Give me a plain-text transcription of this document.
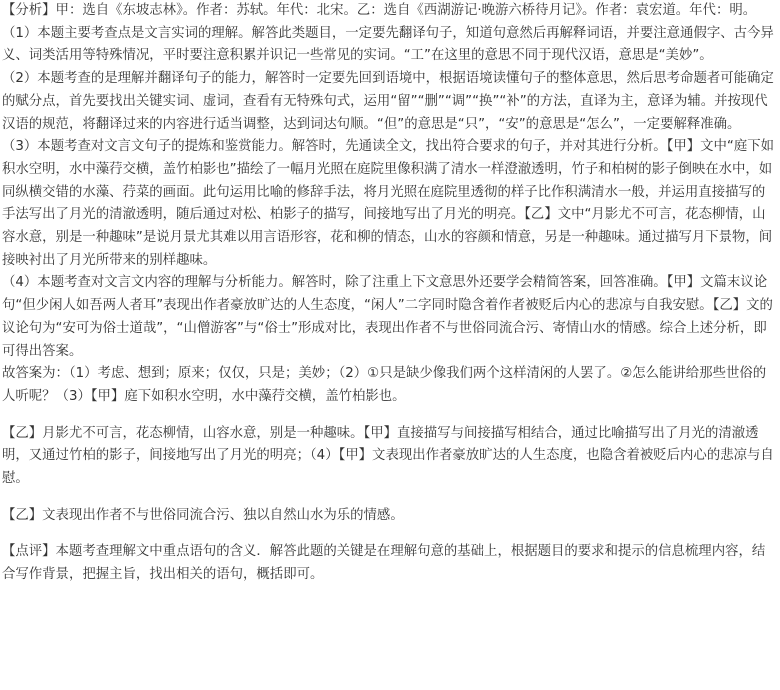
【分析】甲：选自《东坡志林》。作者：苏轼。年代：北宋。乙：选自《西湖游记·晚游六桥待月记》。作者：袁宏道。年代：明。

（1）本题主要考查点是文言实词的理解。解答此类题目，一定要先翻译句子，知道句意然后再解释词语，并要注意通假字、古今异义、词类活用等特殊情况，平时要注意积累并识记一些常见的实词。“工”在这里的意思不同于现代汉语，意思是“美妙”。

（2）本题考查的是理解并翻译句子的能力，解答时一定要先回到语境中，根据语境读懂句子的整体意思，然后思考命题者可能确定的赋分点，首先要找出关键实词、虚词，查看有无特殊句式，运用“留”“删”“调”“换”“补”的方法，直译为主，意译为辅。并按现代汉语的规范，将翻译过来的内容进行适当调整，达到词达句顺。“但”的意思是“只”，“安”的意思是“怎么”，一定要解释准确。

（3）本题考查对文言文句子的提炼和鉴赏能力。解答时，先通读全文，找出符合要求的句子，并对其进行分析。【甲】文中“庭下如积水空明，水中藻荇交横，盖竹柏影也”描绘了一幅月光照在庭院里像积满了清水一样澄澈透明，竹子和柏树的影子倒映在水中，如同纵横交错的水藻、荇菜的画面。此句运用比喻的修辞手法，将月光照在庭院里透彻的样子比作积满清水一般，并运用直接描写的手法写出了月光的清澈透明，随后通过对松、柏影子的描写，间接地写出了月光的明亮。【乙】文中“月影尤不可言，花态柳情，山容水意，别是一种趣味”是说月景尤其难以用言语形容，花和柳的情态，山水的容颜和情意，另是一种趣味。通过描写月下景物，间接映衬出了月光所带来的别样趣味。

（4）本题考查对文言文内容的理解与分析能力。解答时，除了注重上下文意思外还要学会精简答案，回答准确。【甲】文篇末议论句“但少闲人如吾两人者耳”表现出作者豪放旷达的人生态度，“闲人”二字同时隐含着作者被贬后内心的悲凉与自我安慰。【乙】文的议论句为“安可为俗士道哉”，“山僧游客”与“俗士”形成对比，表现出作者不与世俗同流合污、寄情山水的情感。综合上述分析，即可得出答案。

故答案为：（1）考虑、想到；原来；仅仅，只是；美妙；（2）①只是缺少像我们两个这样清闲的人罢了。②怎么能讲给那些世俗的人听呢？（3）【甲】庭下如积水空明，水中藻荇交横，盖竹柏影也。

【乙】月影尤不可言，花态柳情，山容水意，别是一种趣味。【甲】直接描写与间接描写相结合，通过比喻描写出了月光的清澈透明，又通过竹柏的影子，间接地写出了月光的明亮；（4）【甲】文表现出作者豪放旷达的人生态度，也隐含着被贬后内心的悲凉与自慰。

【乙】文表现出作者不与世俗同流合污、独以自然山水为乐的情感。

【点评】本题考查理解文中重点语句的含义．解答此题的关键是在理解句意的基础上，根据题目的要求和提示的信息梳理内容，结合写作背景，把握主旨，找出相关的语句，概括即可。
